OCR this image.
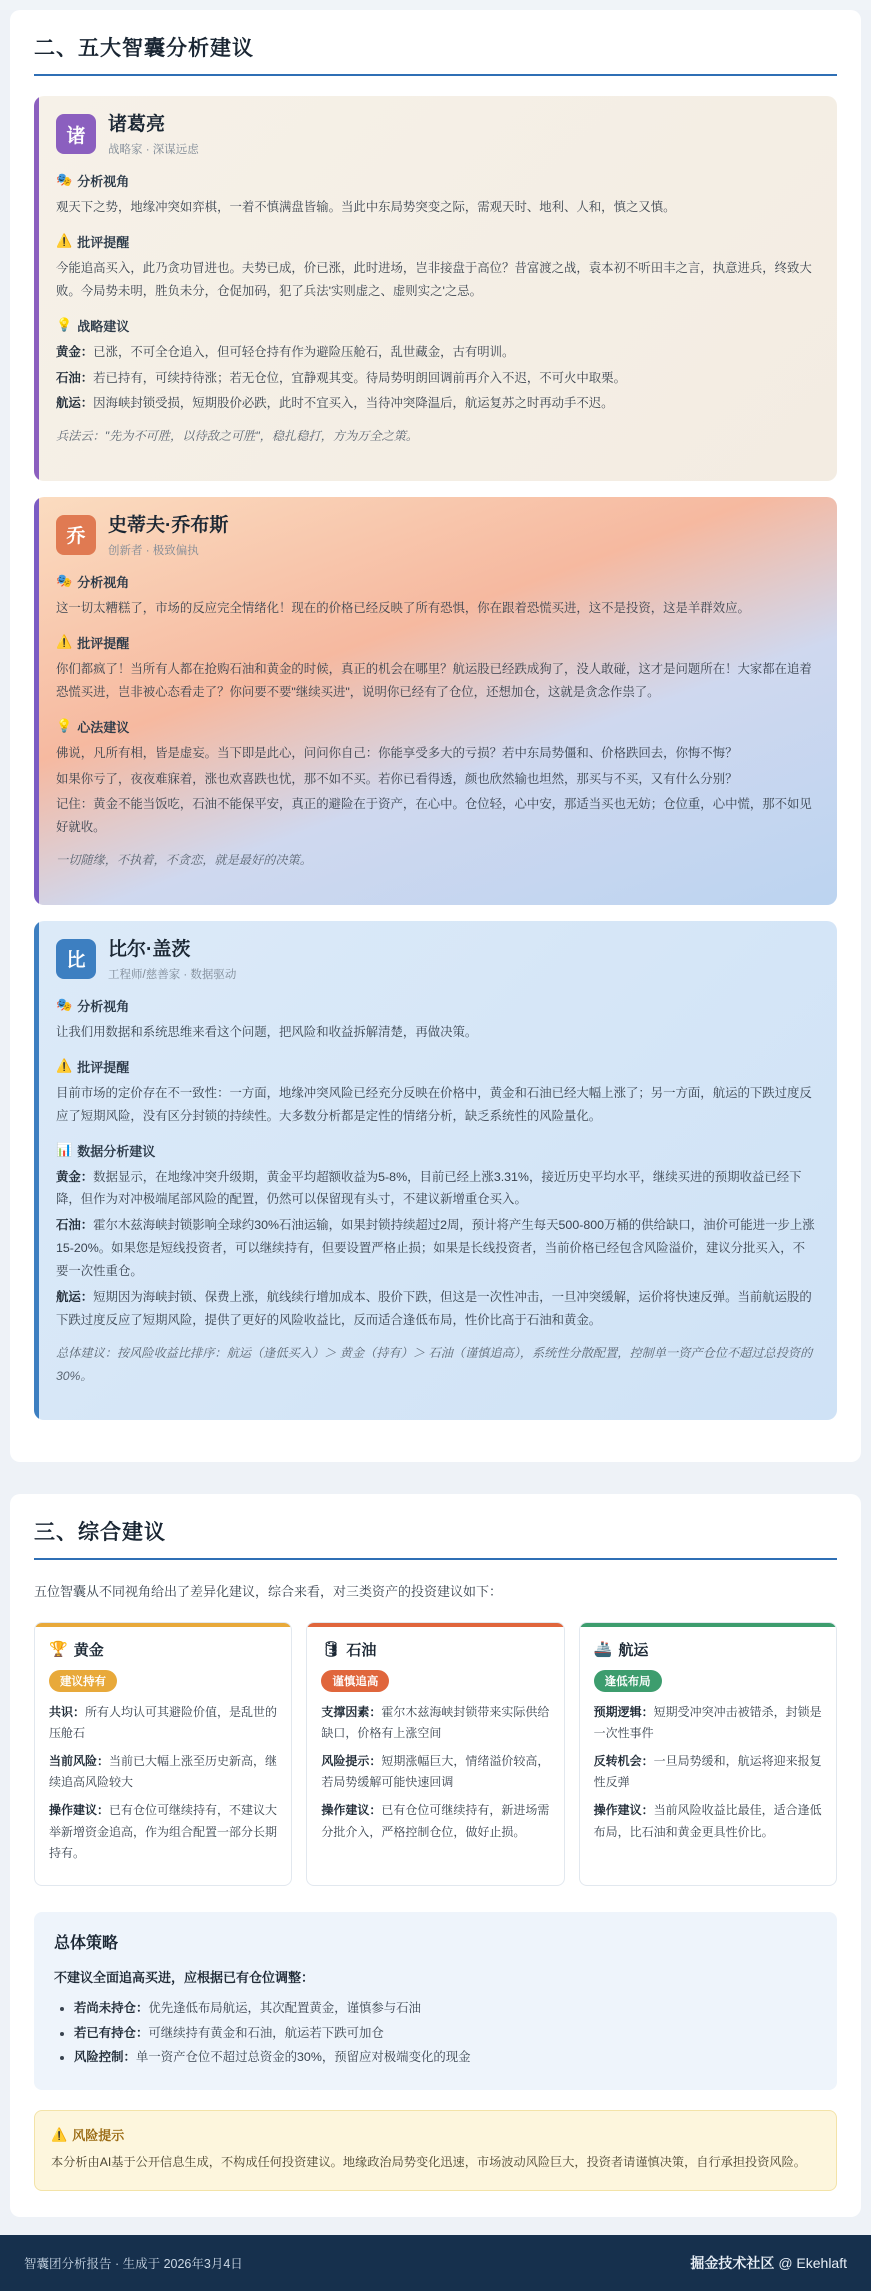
二、五大智囊分析建议
诸
诸葛亮
战略家 · 深谋远虑
🎭 分析视角
观天下之势，地缘冲突如弈棋，一着不慎满盘皆输。当此中东局势突变之际，需观天时、地利、人和，慎之又慎。
⚠️ 批评提醒
今能追高买入，此乃贪功冒进也。夫势已成，价已涨，此时进场，岂非接盘于高位？昔富渡之战，袁本初不听田丰之言，执意进兵，终致大败。今局势未明，胜负未分，仓促加码，犯了兵法'实则虚之、虚则实之'之忌。
💡 战略建议

黄金：已涨，不可全仓追入，但可轻仓持有作为避险压舱石，乱世藏金，古有明训。

石油：若已持有，可续持待涨；若无仓位，宜静观其变。待局势明朗回调前再介入不迟，不可火中取栗。

航运：因海峡封锁受损，短期股价必跌，此时不宜买入，当待冲突降温后，航运复苏之时再动手不迟。

兵法云："先为不可胜，以待敌之可胜"，稳扎稳打，方为万全之策。
乔
史蒂夫·乔布斯
创新者 · 极致偏执
🎭 分析视角
这一切太糟糕了，市场的反应完全情绪化！现在的价格已经反映了所有恐惧，你在跟着恐慌买进，这不是投资，这是羊群效应。
⚠️ 批评提醒
你们都疯了！当所有人都在抢购石油和黄金的时候，真正的机会在哪里？航运股已经跌成狗了，没人敢碰，这才是问题所在！大家都在追着恐慌买进，岂非被心态看走了？你问要不要"继续买进"，说明你已经有了仓位，还想加仓，这就是贪念作祟了。
💡 心法建议

佛说，凡所有相，皆是虚妄。当下即是此心，问问你自己：你能享受多大的亏损？若中东局势僵和、价格跌回去，你悔不悔？

如果你亏了，夜夜难寐着，涨也欢喜跌也忧，那不如不买。若你已看得透，颜也欣然输也坦然，那买与不买，又有什么分别？

记住：黄金不能当饭吃，石油不能保平安，真正的避险在于资产，在心中。仓位轻，心中安，那适当买也无妨；仓位重，心中慌，那不如见好就收。

一切随缘，不执着，不贪恋，就是最好的决策。
比
比尔·盖茨
工程师/慈善家 · 数据驱动
🎭 分析视角
让我们用数据和系统思维来看这个问题，把风险和收益拆解清楚，再做决策。
⚠️ 批评提醒
目前市场的定价存在不一致性：一方面，地缘冲突风险已经充分反映在价格中，黄金和石油已经大幅上涨了；另一方面，航运的下跌过度反应了短期风险，没有区分封锁的持续性。大多数分析都是定性的情绪分析，缺乏系统性的风险量化。
📊 数据分析建议

黄金：数据显示，在地缘冲突升级期，黄金平均超额收益为5-8%，目前已经上涨3.31%，接近历史平均水平，继续买进的预期收益已经下降，但作为对冲极端尾部风险的配置，仍然可以保留现有头寸，不建议新增重仓买入。

石油：霍尔木兹海峡封锁影响全球约30%石油运输，如果封锁持续超过2周，预计将产生每天500-800万桶的供给缺口，油价可能进一步上涨15-20%。如果您是短线投资者，可以继续持有，但要设置严格止损；如果是长线投资者，当前价格已经包含风险溢价，建议分批买入，不要一次性重仓。

航运：短期因为海峡封锁、保费上涨，航线续行增加成本、股价下跌，但这是一次性冲击，一旦冲突缓解，运价将快速反弹。当前航运股的下跌过度反应了短期风险，提供了更好的风险收益比，反而适合逢低布局，性价比高于石油和黄金。

总体建议：按风险收益比排序：航运（逢低买入）＞ 黄金（持有）＞ 石油（谨慎追高），系统性分散配置，控制单一资产仓位不超过总投资的30%。
三、综合建议
五位智囊从不同视角给出了差异化建议，综合来看，对三类资产的投资建议如下：
🏆 黄金
建议持有

共识：所有人均认可其避险价值，是乱世的压舱石

当前风险：当前已大幅上涨至历史新高，继续追高风险较大

操作建议：已有仓位可继续持有，不建议大举新增资金追高，作为组合配置一部分长期持有。

🛢 石油
谨慎追高

支撑因素：霍尔木兹海峡封锁带来实际供给缺口，价格有上涨空间

风险提示：短期涨幅巨大，情绪溢价较高，若局势缓解可能快速回调

操作建议：已有仓位可继续持有，新进场需分批介入，严格控制仓位，做好止损。

🚢 航运
逢低布局

预期逻辑：短期受冲突冲击被错杀，封锁是一次性事件

反转机会：一旦局势缓和，航运将迎来报复性反弹

操作建议：当前风险收益比最佳，适合逢低布局，比石油和黄金更具性价比。

总体策略

不建议全面追高买进，应根据已有仓位调整：

• 若尚未持仓：优先逢低布局航运，其次配置黄金，谨慎参与石油
• 若已有持仓：可继续持有黄金和石油，航运若下跌可加仓
• 风险控制：单一资产仓位不超过总资金的30%，预留应对极端变化的现金
⚠️ 风险提示
本分析由AI基于公开信息生成，不构成任何投资建议。地缘政治局势变化迅速，市场波动风险巨大，投资者请谨慎决策，自行承担投资风险。
智囊团分析报告 · 生成于 2026年3月4日	掘金技术社区 @ Ekehlaft
